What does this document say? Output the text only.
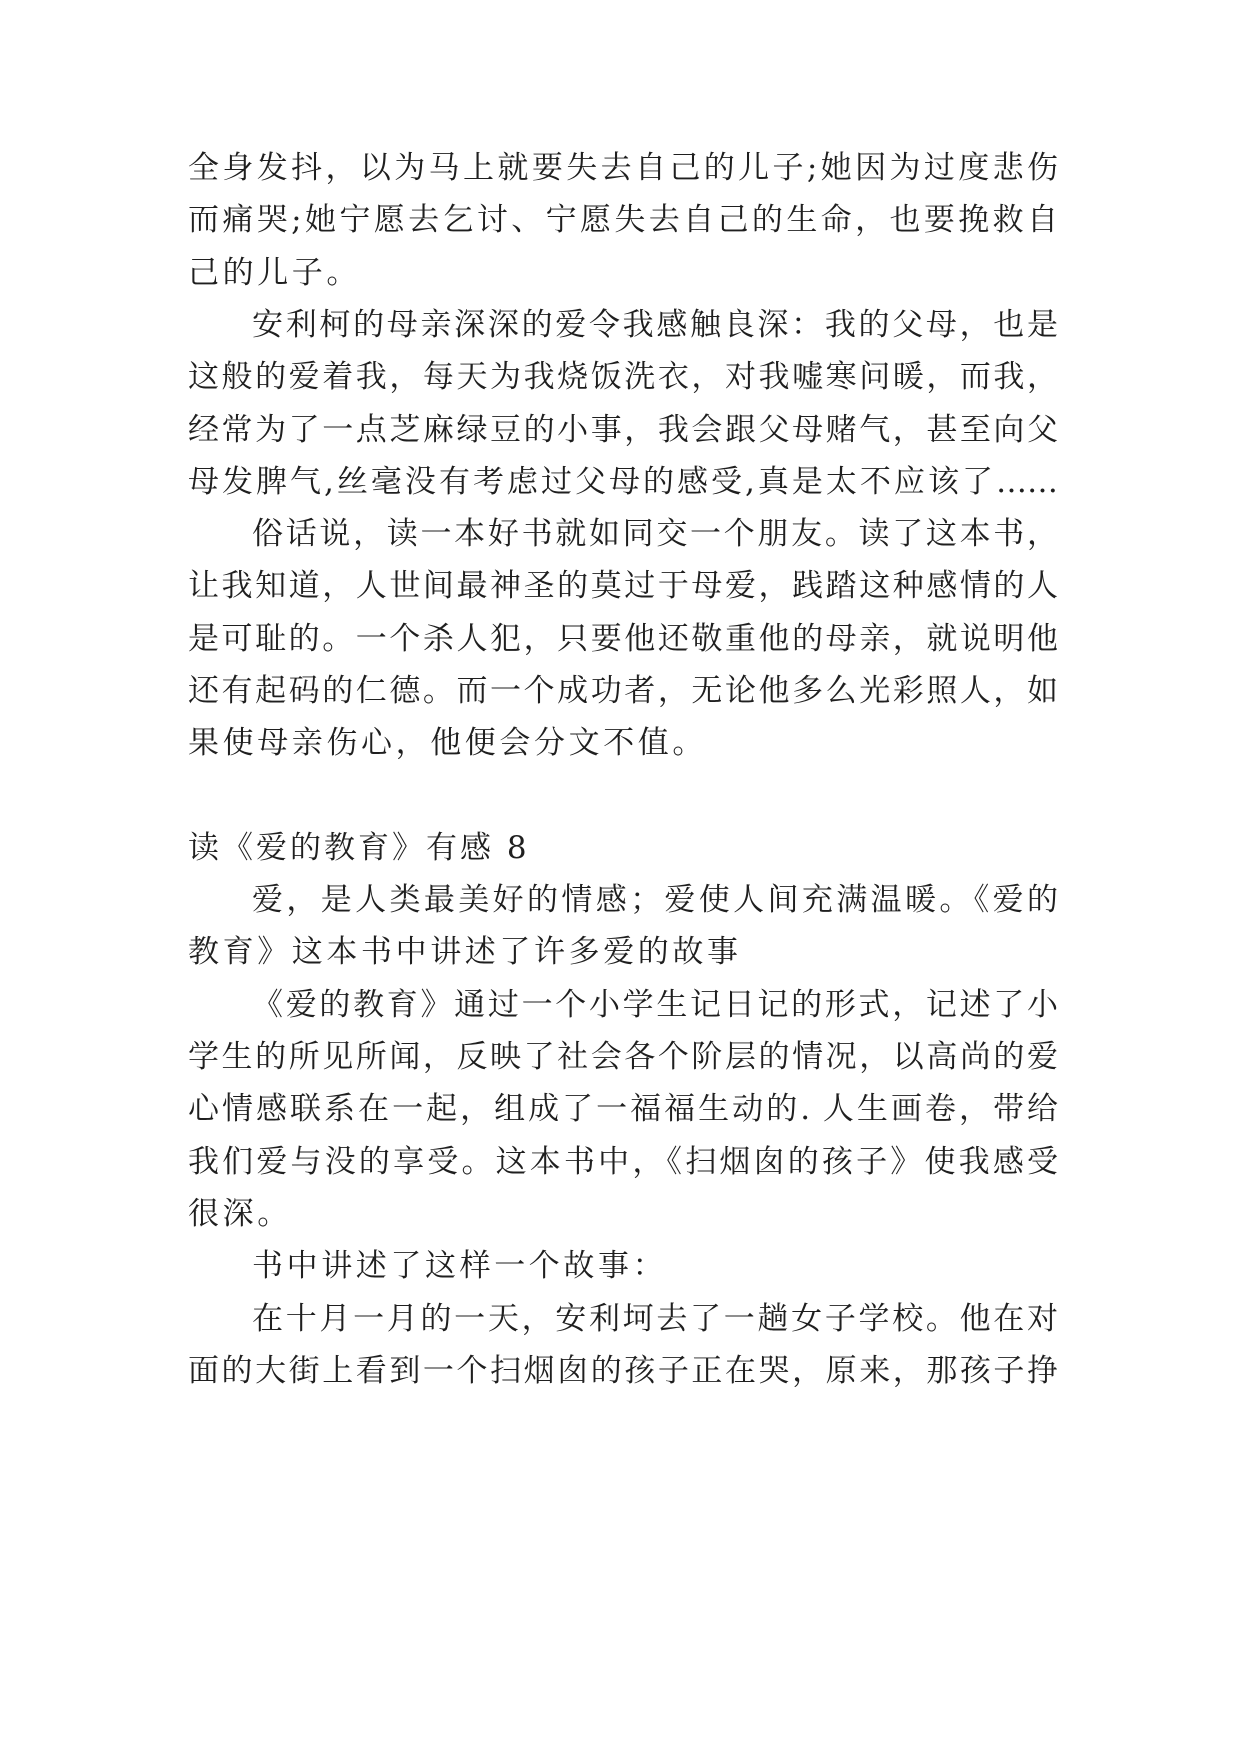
全身发抖，以为马上就要失去自己的儿子;她因为过度悲伤
而痛哭;她宁愿去乞讨、宁愿失去自己的生命，也要挽救自
己的儿子。
安利柯的母亲深深的爱令我感触良深：我的父母，也是
这般的爱着我，每天为我烧饭洗衣，对我嘘寒问暖，而我，
经常为了一点芝麻绿豆的小事，我会跟父母赌气，甚至向父
母发脾气,丝毫没有考虑过父母的感受,真是太不应该了……
俗话说，读一本好书就如同交一个朋友。读了这本书，
让我知道，人世间最神圣的莫过于母爱，践踏这种感情的人
是可耻的。一个杀人犯，只要他还敬重他的母亲，就说明他
还有起码的仁德。而一个成功者，无论他多么光彩照人，如
果使母亲伤心，他便会分文不值。
读《爱的教育》有感 8
爱，是人类最美好的情感；爱使人间充满温暖。《爱的
教育》这本书中讲述了许多爱的故事
《爱的教育》通过一个小学生记日记的形式，记述了小
学生的所见所闻，反映了社会各个阶层的情况，以高尚的爱
心情感联系在一起，组成了一福福生动的. 人生画卷，带给
我们爱与没的享受。这本书中，《扫烟囱的孩子》使我感受
很深。
书中讲述了这样一个故事：
在十月一月的一天，安利坷去了一趟女子学校。他在对
面的大街上看到一个扫烟囱的孩子正在哭，原来，那孩子挣
